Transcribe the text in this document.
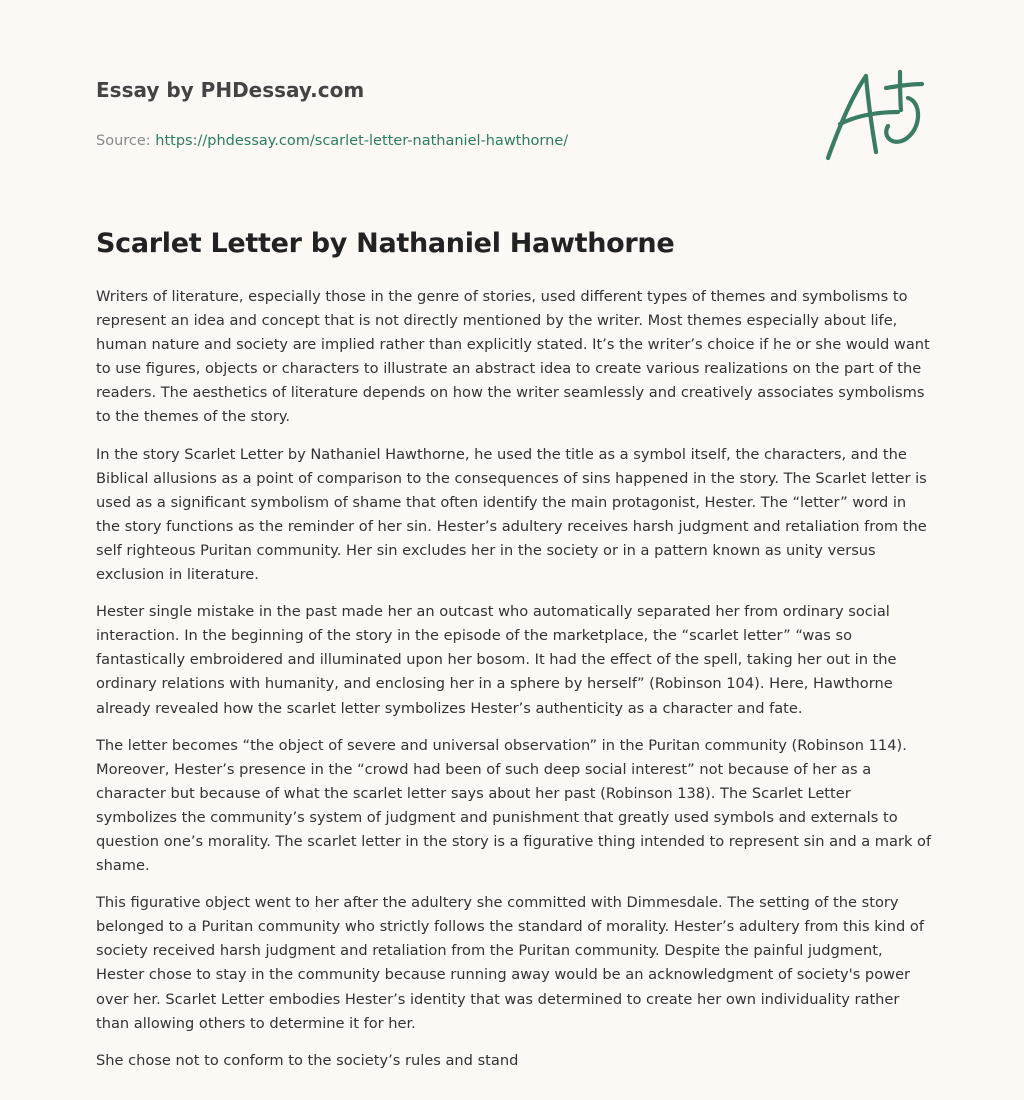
Essay by PHDessay.com
Source: https://phdessay.com/scarlet-letter-nathaniel-hawthorne/
Scarlet Letter by Nathaniel Hawthorne

Writers of literature, especially those in the genre of stories, used different types of themes and symbolisms to represent an idea and concept that is not directly mentioned by the writer. Most themes especially about life, human nature and society are implied rather than explicitly stated. It’s the writer’s choice if he or she would want to use figures, objects or characters to illustrate an abstract idea to create various realizations on the part of the readers. The aesthetics of literature depends on how the writer seamlessly and creatively associates symbolisms to the themes of the story.

In the story Scarlet Letter by Nathaniel Hawthorne, he used the title as a symbol itself, the characters, and the Biblical allusions as a point of comparison to the consequences of sins happened in the story. The Scarlet letter is used as a significant symbolism of shame that often identify the main protagonist, Hester. The “letter” word in the story functions as the reminder of her sin. Hester’s adultery receives harsh judgment and retaliation from the self righteous Puritan community. Her sin excludes her in the society or in a pattern known as unity versus exclusion in literature.

Hester single mistake in the past made her an outcast who automatically separated her from ordinary social interaction. In the beginning of the story in the episode of the marketplace, the “scarlet letter” “was so fantastically embroidered and illuminated upon her bosom. It had the effect of the spell, taking her out in the ordinary relations with humanity, and enclosing her in a sphere by herself” (Robinson 104). Here, Hawthorne already revealed how the scarlet letter symbolizes Hester’s authenticity as a character and fate.

The letter becomes “the object of severe and universal observation” in the Puritan community (Robinson 114). Moreover, Hester’s presence in the “crowd had been of such deep social interest” not because of her as a character but because of what the scarlet letter says about her past (Robinson 138). The Scarlet Letter symbolizes the community’s system of judgment and punishment that greatly used symbols and externals to question one’s morality. The scarlet letter in the story is a figurative thing intended to represent sin and a mark of shame.

This figurative object went to her after the adultery she committed with Dimmesdale. The setting of the story belonged to a Puritan community who strictly follows the standard of morality. Hester’s adultery from this kind of society received harsh judgment and retaliation from the Puritan community. Despite the painful judgment, Hester chose to stay in the community because running away would be an acknowledgment of society's power over her. Scarlet Letter embodies Hester’s identity that was determined to create her own individuality rather than allowing others to determine it for her.

She chose not to conform to the society’s rules and stand
